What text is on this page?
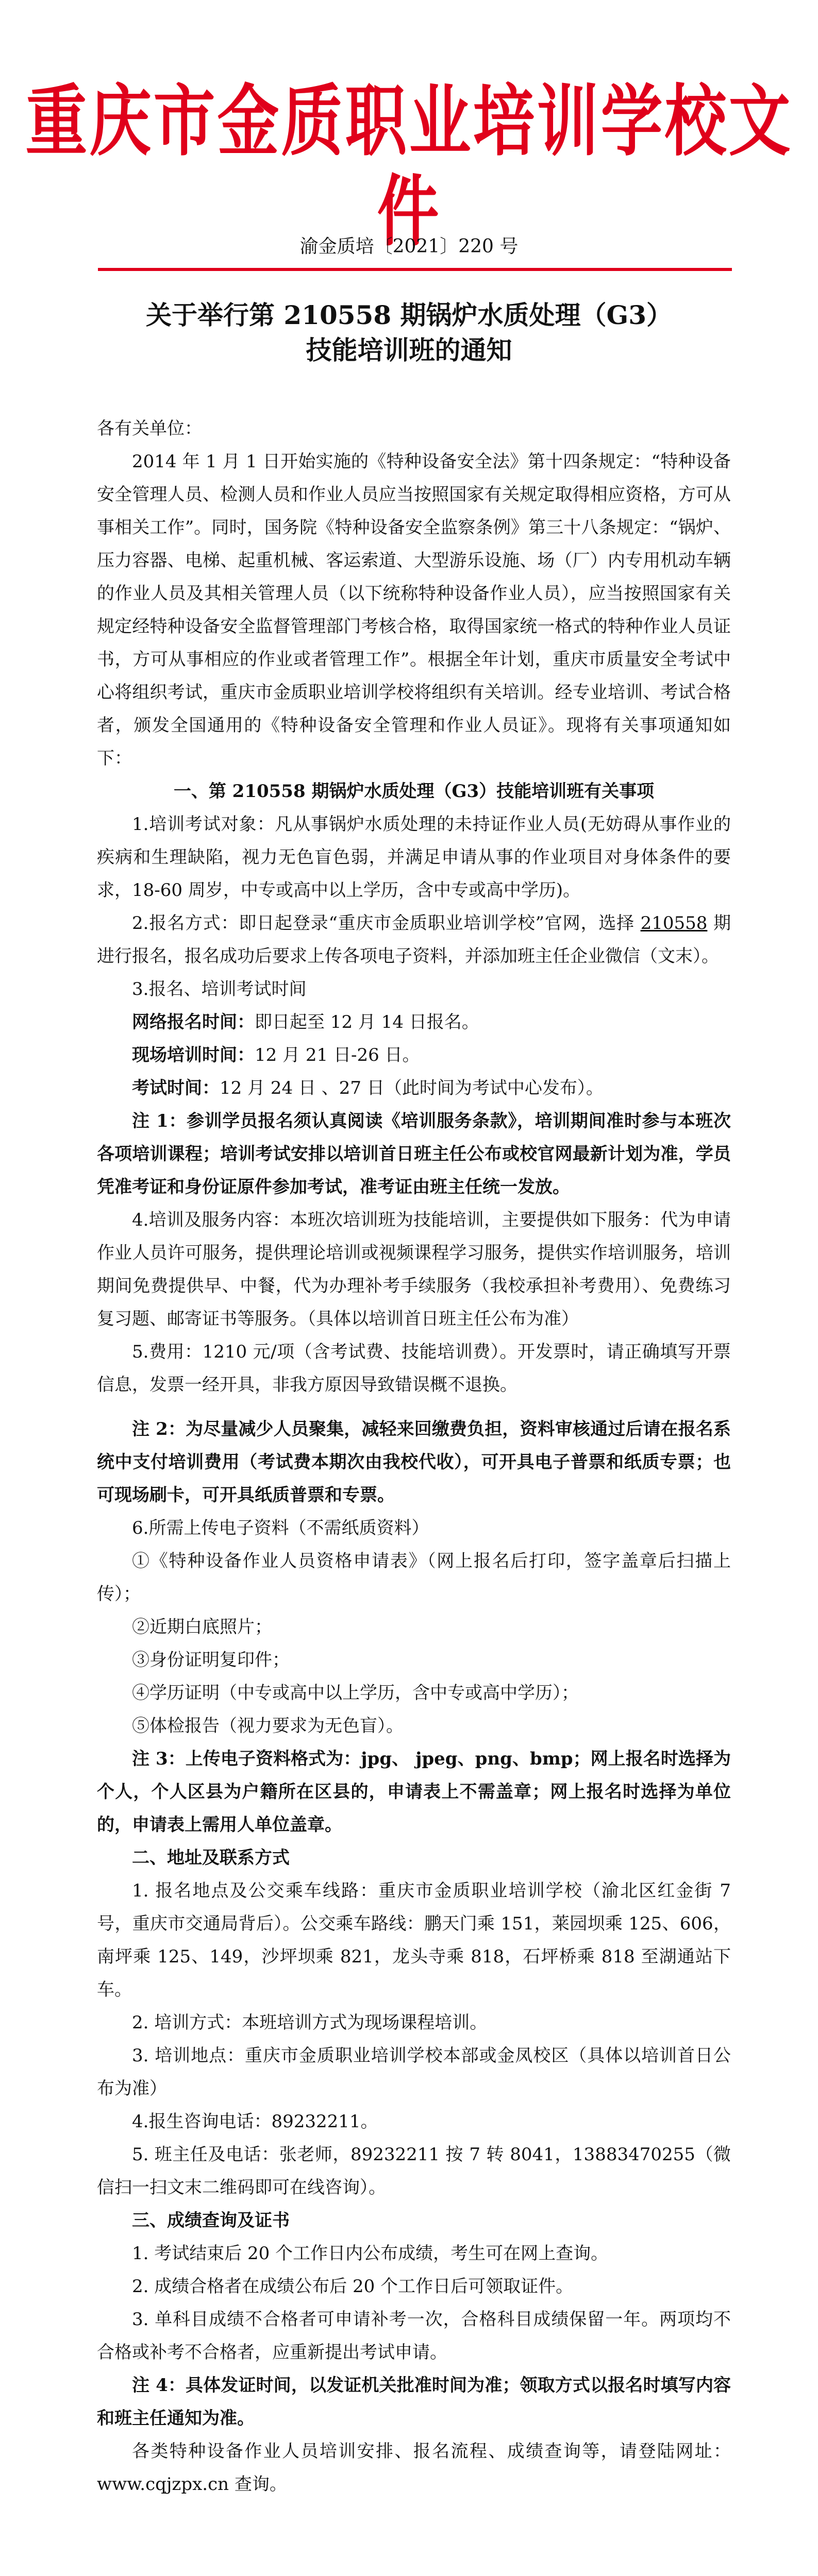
重庆市金质职业培训学校文件
渝金质培〔2021〕220 号
关于举行第 210558 期锅炉水质处理（G3）
技能培训班的通知

各有关单位：

2014 年 1 月 1 日开始实施的《特种设备安全法》第十四条规定：“特种设备安全管理人员、检测人员和作业人员应当按照国家有关规定取得相应资格，方可从事相关工作”。同时，国务院《特种设备安全监察条例》第三十八条规定：“锅炉、压力容器、电梯、起重机械、客运索道、大型游乐设施、场（厂）内专用机动车辆的作业人员及其相关管理人员（以下统称特种设备作业人员），应当按照国家有关规定经特种设备安全监督管理部门考核合格，取得国家统一格式的特种作业人员证书，方可从事相应的作业或者管理工作”。根据全年计划，重庆市质量安全考试中心将组织考试，重庆市金质职业培训学校将组织有关培训。经专业培训、考试合格者，颁发全国通用的《特种设备安全管理和作业人员证》。现将有关事项通知如下：

一、第 210558 期锅炉水质处理（G3）技能培训班有关事项

1.培训考试对象：凡从事锅炉水质处理的未持证作业人员(无妨碍从事作业的疾病和生理缺陷，视力无色盲色弱，并满足申请从事的作业项目对身体条件的要求，18-60 周岁，中专或高中以上学历，含中专或高中学历)。

2.报名方式：即日起登录“重庆市金质职业培训学校”官网，选择 210558 期进行报名，报名成功后要求上传各项电子资料，并添加班主任企业微信（文末）。

3.报名、培训考试时间

网络报名时间：即日起至 12 月 14 日报名。

现场培训时间：12 月 21 日-26 日。

考试时间：12 月 24 日 、27 日（此时间为考试中心发布）。

注 1：参训学员报名须认真阅读《培训服务条款》，培训期间准时参与本班次各项培训课程；培训考试安排以培训首日班主任公布或校官网最新计划为准，学员凭准考证和身份证原件参加考试，准考证由班主任统一发放。

4.培训及服务内容：本班次培训班为技能培训，主要提供如下服务：代为申请作业人员许可服务，提供理论培训或视频课程学习服务，提供实作培训服务，培训期间免费提供早、中餐，代为办理补考手续服务（我校承担补考费用）、免费练习复习题、邮寄证书等服务。（具体以培训首日班主任公布为准）

5.费用：1210 元/项（含考试费、技能培训费）。开发票时，请正确填写开票信息，发票一经开具，非我方原因导致错误概不退换。

注 2：为尽量减少人员聚集，减轻来回缴费负担，资料审核通过后请在报名系统中支付培训费用（考试费本期次由我校代收），可开具电子普票和纸质专票；也可现场刷卡，可开具纸质普票和专票。

6.所需上传电子资料（不需纸质资料）

①《特种设备作业人员资格申请表》（网上报名后打印，签字盖章后扫描上传）；

②近期白底照片；

③身份证明复印件；

④学历证明（中专或高中以上学历，含中专或高中学历）；

⑤体检报告（视力要求为无色盲）。

注 3：上传电子资料格式为：jpg、 jpeg、png、bmp；网上报名时选择为个人，个人区县为户籍所在区县的，申请表上不需盖章；网上报名时选择为单位的，申请表上需用人单位盖章。

二、地址及联系方式

1. 报名地点及公交乘车线路：重庆市金质职业培训学校（渝北区红金街 7 号，重庆市交通局背后）。公交乘车路线：鹏天门乘 151，莱园坝乘 125、606，南坪乘 125、149，沙坪坝乘 821，龙头寺乘 818，石坪桥乘 818 至湖通站下车。

2. 培训方式：本班培训方式为现场课程培训。

3. 培训地点：重庆市金质职业培训学校本部或金凤校区（具体以培训首日公布为准）

4.报生咨询电话：89232211。

5. 班主任及电话：张老师，89232211 按 7 转 8041，13883470255（微信扫一扫文末二维码即可在线咨询）。

三、成绩查询及证书

1. 考试结束后 20 个工作日内公布成绩，考生可在网上查询。

2. 成绩合格者在成绩公布后 20 个工作日后可领取证件。

3. 单科目成绩不合格者可申请补考一次，合格科目成绩保留一年。两项均不合格或补考不合格者，应重新提出考试申请。

注 4：具体发证时间，以发证机关批准时间为准；领取方式以报名时填写内容和班主任通知为准。

各类特种设备作业人员培训安排、报名流程、成绩查询等，请登陆网址：www.cqjzpx.cn 查询。
